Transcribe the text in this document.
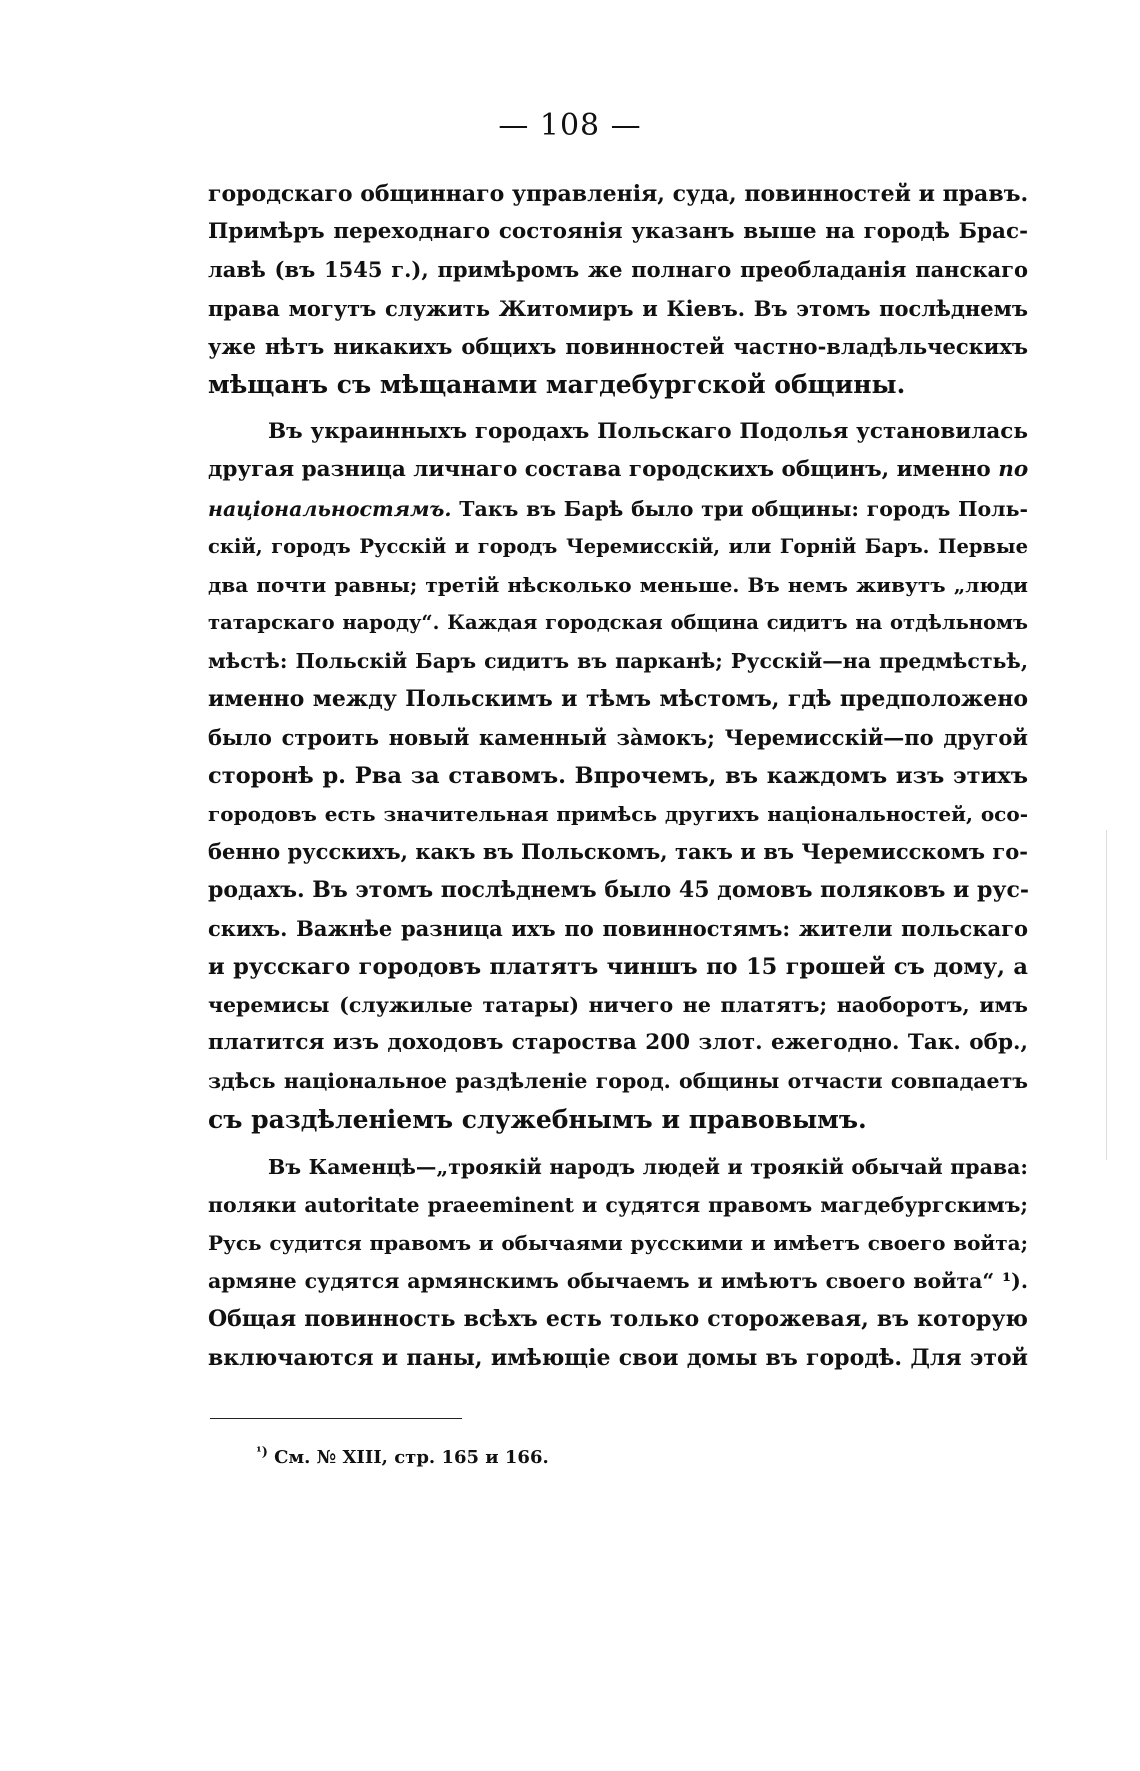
— 108 —
городскаго общиннаго управленія, суда, повинностей и правъ.
Примѣръ переходнаго состоянія указанъ выше на городѣ Брас-
лавѣ (въ 1545 г.), примѣромъ же полнаго преобладанія панскаго
права могутъ служить Житомиръ и Кіевъ. Въ этомъ послѣднемъ
уже нѣтъ никакихъ общихъ повинностей частно-владѣльческихъ
мѣщанъ съ мѣщанами магдебургской общины.
Въ украинныхъ городахъ Польскаго Подолья установилась
другая разница личнаго состава городскихъ общинъ, именно по
національностямъ. Такъ въ Барѣ было три общины: городъ Поль-
скій, городъ Русскій и городъ Черемисскій, или Горній Баръ. Первые
два почти равны; третій нѣсколько меньше. Въ немъ живутъ „люди
татарскаго народу“. Каждая городская община сидитъ на отдѣльномъ
мѣстѣ: Польскій Баръ сидитъ въ парканѣ; Русскій—на предмѣстьѣ,
именно между Польскимъ и тѣмъ мѣстомъ, гдѣ предположено
было строить новый каменный зàмокъ; Черемисскій—по другой
сторонѣ р. Рва за ставомъ. Впрочемъ, въ каждомъ изъ этихъ
городовъ есть значительная примѣсь другихъ національностей, осо-
бенно русскихъ, какъ въ Польскомъ, такъ и въ Черемисскомъ го-
родахъ. Въ этомъ послѣднемъ было 45 домовъ поляковъ и рус-
скихъ. Важнѣе разница ихъ по повинностямъ: жители польскаго
и русскаго городовъ платятъ чиншъ по 15 грошей съ дому, а
черемисы (служилые татары) ничего не платятъ; наоборотъ, имъ
платится изъ доходовъ староства 200 злот. ежегодно. Так. обр.,
здѣсь національное раздѣленіе город. общины отчасти совпадаетъ
съ раздѣленіемъ служебнымъ и правовымъ.
Въ Каменцѣ—„троякій народъ людей и троякій обычай права:
поляки autoritate praeeminent и судятся правомъ магдебургскимъ;
Русь судится правомъ и обычаями русскими и имѣетъ своего войта;
армяне судятся армянскимъ обычаемъ и имѣютъ своего войта“ ¹).
Общая повинность всѣхъ есть только сторожевая, въ которую
включаются и паны, имѣющіе свои домы въ городѣ. Для этой
$^{^1)}$ См. № XIII, стр. 165 и 166.
